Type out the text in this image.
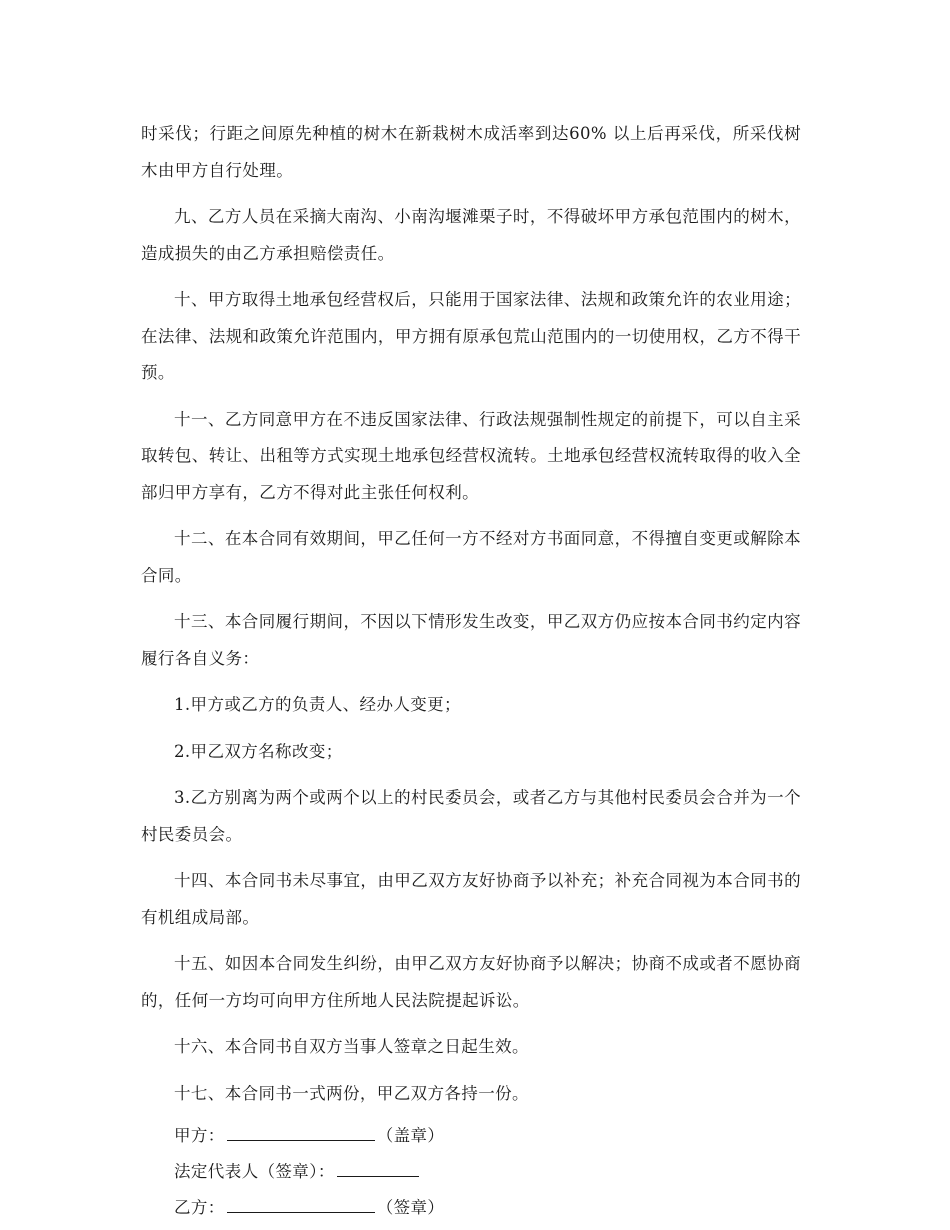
时采伐；行距之间原先种植的树木在新栽树木成活率到达60% 以上后再采伐，所采伐树木由甲方自行处理。

九、乙方人员在采摘大南沟、小南沟堰滩栗子时，不得破坏甲方承包范围内的树木，造成损失的由乙方承担赔偿责任。

十、甲方取得土地承包经营权后，只能用于国家法律、法规和政策允许的农业用途；在法律、法规和政策允许范围内，甲方拥有原承包荒山范围内的一切使用权，乙方不得干预。

十一、乙方同意甲方在不违反国家法律、行政法规强制性规定的前提下，可以自主采取转包、转让、出租等方式实现土地承包经营权流转。土地承包经营权流转取得的收入全部归甲方享有，乙方不得对此主张任何权利。

十二、在本合同有效期间，甲乙任何一方不经对方书面同意，不得擅自变更或解除本合同。

十三、本合同履行期间，不因以下情形发生改变，甲乙双方仍应按本合同书约定内容履行各自义务：

1.甲方或乙方的负责人、经办人变更；

2.甲乙双方名称改变；

3.乙方别离为两个或两个以上的村民委员会，或者乙方与其他村民委员会合并为一个村民委员会。

十四、本合同书未尽事宜，由甲乙双方友好协商予以补充；补充合同视为本合同书的有机组成局部。

十五、如因本合同发生纠纷，由甲乙双方友好协商予以解决；协商不成或者不愿协商的，任何一方均可向甲方住所地人民法院提起诉讼。

十六、本合同书自双方当事人签章之日起生效。

十七、本合同书一式两份，甲乙双方各持一份。

甲方：	（盖章）
法定代表人（签章）：
乙方：	（签章）
